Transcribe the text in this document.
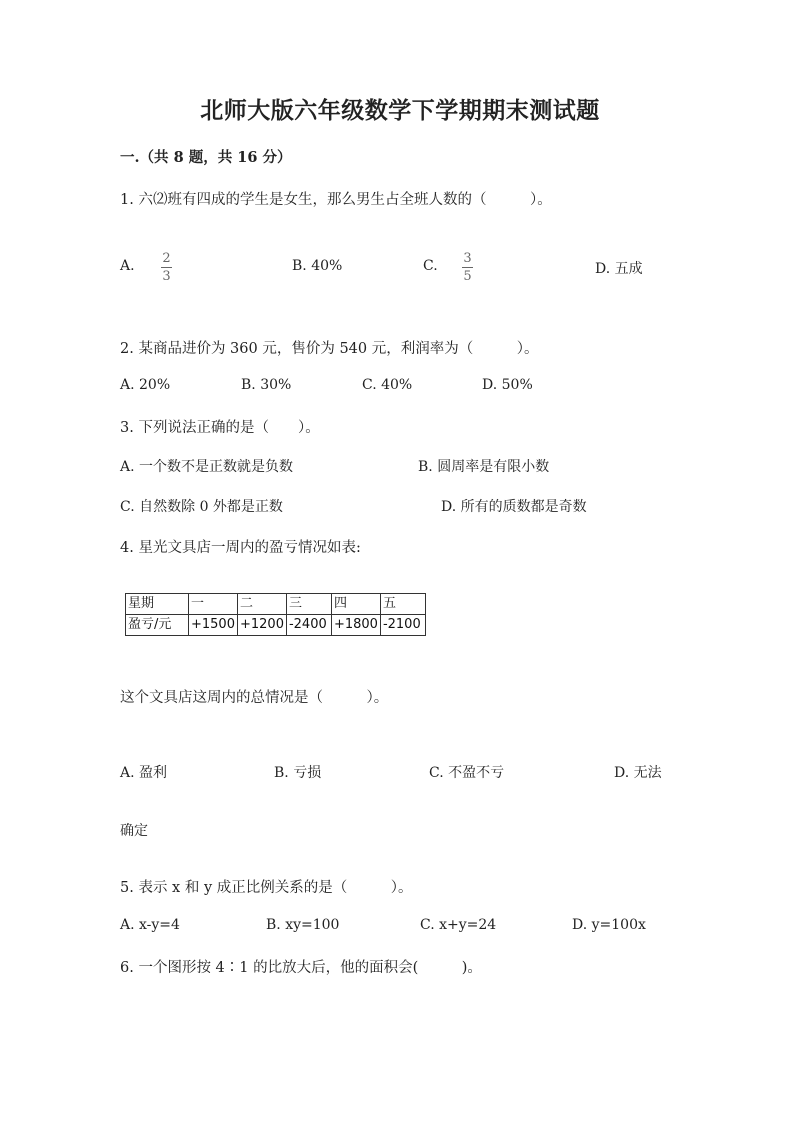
北师大版六年级数学下学期期末测试题
一.（共 8 题，共 16 分）
1. 六⑵班有四成的学生是女生，那么男生占全班人数的（　　　）。
A. 2
3
B. 40%	C. 3
5	D. 五成
2. 某商品进价为 360 元，售价为 540 元，利润率为（　　　）。
A. 20%	B. 30%	C. 40%	D. 50%
3. 下列说法正确的是（　　）。
A. 一个数不是正数就是负数	B. 圆周率是有限小数
C. 自然数除 0 外都是正数	D. 所有的质数都是奇数
4. 星光文具店一周内的盈亏情况如表:
星期	一	二	三	四	五
盈亏/元	+1500	+1200	-2400	+1800	-2100
这个文具店这周内的总情况是（　　　）。
A. 盈利	B. 亏损	C. 不盈不亏	D. 无法
确定
5. 表示 x 和 y 成正比例关系的是（　　　）。
A. x-y=4	B. xy=100	C. x+y=24	D. y=100x
6. 一个图形按 4∶1 的比放大后，他的面积会(　　　)。
